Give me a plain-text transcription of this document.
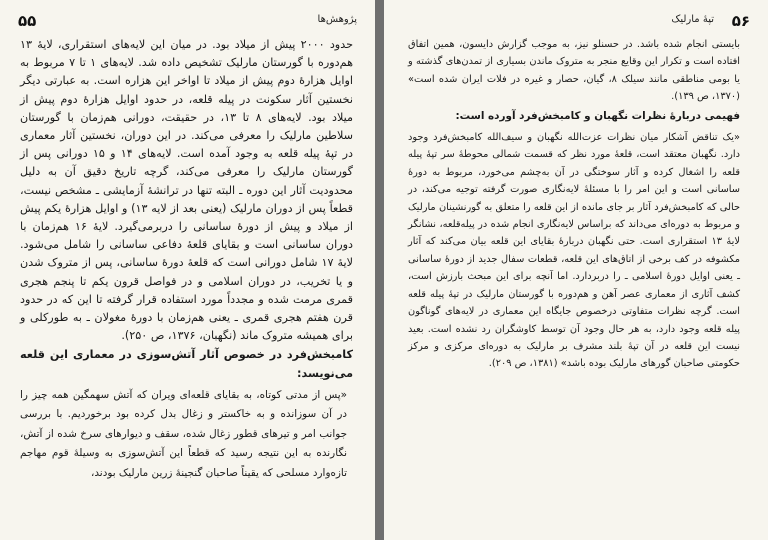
۵۵	پژوهش‌ها

حدود ۲۰۰۰ پیش از میلاد بود. در میان این لایه‌های استقراری، لایهٔ ۱۳ هم‌دوره با گورستان مارلیک تشخیص داده شد. لایه‌های ۱ تا ۷ مربوط به اوایل هزارهٔ دوم پیش از میلاد تا اواخر این هزاره است. به عبارتی دیگر نخستین آثار سکونت در پیله قلعه، در حدود اوایل هزارهٔ دوم پیش از میلاد بود. لایه‌های ۸ تا ۱۳، در حقیقت، دورانی هم‌زمان با گورستان سلاطین مارلیک را معرفی می‌کند. در این دوران، نخستین آثار معماری در تپهٔ پیله قلعه به وجود آمده است. لایه‌های ۱۴ و ۱۵ دورانی پس از گورستان مارلیک را معرفی می‌کند، گرچه تاریخ دقیق آن به دلیل محدودیت آثار این دوره ـ البته تنها در ترانشهٔ آزمایشی ـ مشخص نیست، قطعاً پس از دوران مارلیک (یعنی بعد از لایه ۱۳) و اوایل هزارهٔ یکم پیش از میلاد و پیش از دورهٔ ساسانی را دربرمی‌گیرد. لایهٔ ۱۶ هم‌زمان با دوران ساسانی است و بقایای قلعهٔ دفاعی ساسانی را شامل می‌شود. لایهٔ ۱۷ شامل دورانی است که قلعهٔ دورهٔ ساسانی، پس از متروک شدن و یا تخریب، در دوران اسلامی و در فواصل قرون یکم تا پنجم هجری قمری مرمت شده و مجدداً مورد استفاده قرار گرفته تا این که در حدود قرن هفتم هجری قمری ـ یعنی هم‌زمان با دورهٔ مغولان ـ به طورکلی و برای همیشه متروک ماند (نگهبان، ۱۳۷۶، ص ۲۵۰).

کامبخش‌فرد در خصوص آثار آتش‌سوزی در معماری این قلعه می‌نویسد:

«پس از مدتی کوتاه، به بقایای قلعه‌ای ویران که آتش سهمگین همه چیز را در آن سوزانده و به خاکستر و زغال بدل کرده بود برخوردیم. با بررسی جوانب امر و تیرهای قطور زغال شده، سقف و دیوارهای سرخ شده از آتش، نگارنده به این نتیجه رسید که قطعاً این آتش‌سوزی به وسیلهٔ قوم مهاجم تازه‌وارد مسلحی که یقیناً صاحبان گنجینهٔ زرین مارلیک بودند،

۵۶
تپهٔ مارلیک

بایستی انجام شده باشد. در حسنلو نیز، به موجب گزارش دایسون، همین اتفاق افتاده است و تکرار این وقایع منجر به متروک ماندن بسیاری از تمدن‌های گذشته و یا بومی مناطقی مانند سیلک ۸، گیان، حصار و غیره در فلات ایران شده است» (۱۳۷۰، ص ۱۳۹).

فهیمی دربارهٔ نظرات نگهبان و کامبخش‌فرد آورده است:

«یک تناقض آشکار میان نظرات عزت‌الله نگهبان و سیف‌الله کامبخش‌فرد وجود دارد. نگهبان معتقد است، قلعهٔ مورد نظر که قسمت شمالی محوطهٔ سر تپهٔ پیله قلعه را اشغال کرده و آثار سوختگی در آن به‌چشم می‌خورد، مربوط به دورهٔ ساسانی است و این امر را با مسئلهٔ لایه‌نگاری صورت گرفته توجیه می‌کند، در حالی که کامبخش‌فرد آثار بر جای مانده از این قلعه را متعلق به گورنشینان مارلیک و مربوط به دوره‌ای می‌داند که براساس لایه‌نگاری انجام شده در پیله‌قلعه، نشانگر لایهٔ ۱۳ استقراری است. حتی نگهبان دربارهٔ بقایای این قلعه بیان می‌کند که آثار مکشوفه در کف برخی از اتاق‌های این قلعه، قطعات سفال جدید از دورهٔ ساسانی ـ یعنی اوایل دورهٔ اسلامی ـ را دربردارد. اما آنچه برای این مبحث بارزش است، کشف آثاری از معماری عصر آهن و هم‌دوره با گورستان مارلیک در تپهٔ پیله قلعه است. گرچه نظرات متفاوتی درخصوص جایگاه این معماری در لایه‌های گوناگون پیله قلعه وجود دارد، به هر حال وجود آن توسط کاوشگران رد نشده است. بعید نیست این قلعه در آن تپهٔ بلند مشرف بر مارلیک به دوره‌ای مرکزی و مرکز حکومتی صاحبان گورهای مارلیک بوده باشد» (۱۳۸۱، ص ۲۰۹).
